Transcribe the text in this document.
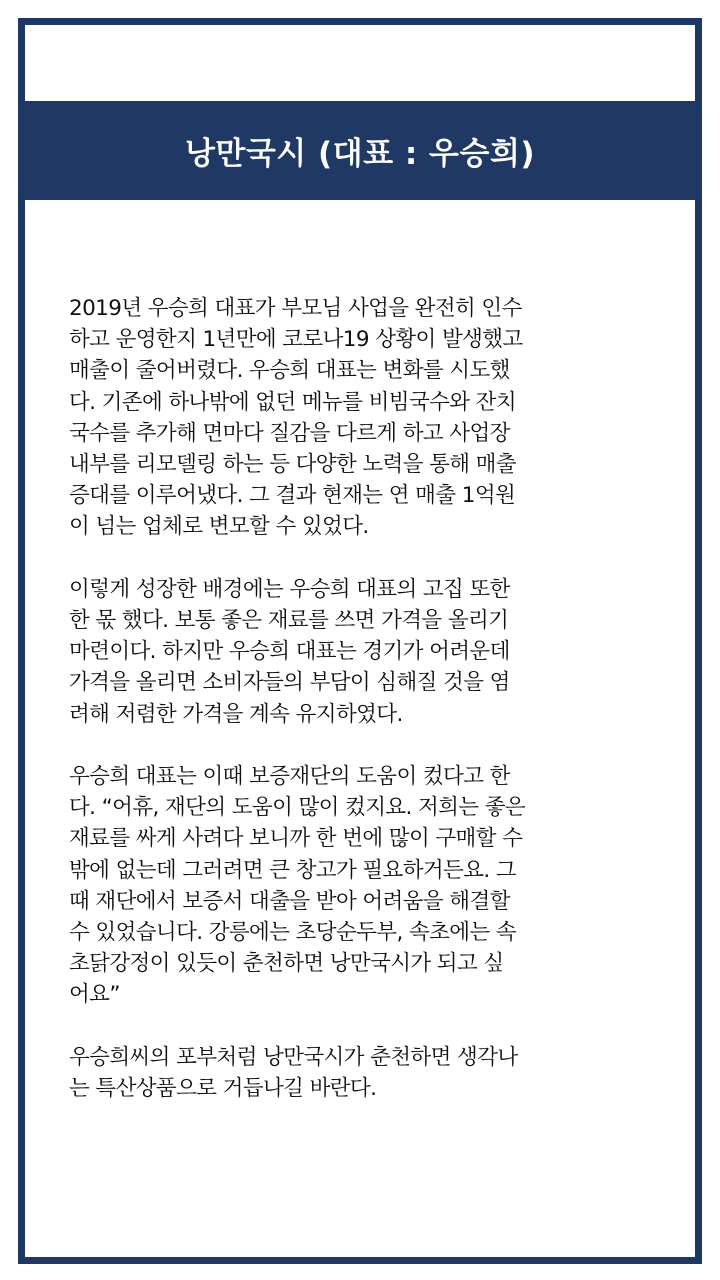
낭만국시 (대표 : 우승희)

2019년 우승희 대표가 부모님 사업을 완전히 인수
하고 운영한지 1년만에 코로나19 상황이 발생했고
매출이 줄어버렸다. 우승희 대표는 변화를 시도했
다. 기존에 하나밖에 없던 메뉴를 비빔국수와 잔치
국수를 추가해 면마다 질감을 다르게 하고 사업장
내부를 리모델링 하는 등 다양한 노력을 통해 매출
증대를 이루어냈다. 그 결과 현재는 연 매출 1억원
이 넘는 업체로 변모할 수 있었다.

이렇게 성장한 배경에는 우승희 대표의 고집 또한
한 몫 했다. 보통 좋은 재료를 쓰면 가격을 올리기
마련이다. 하지만 우승희 대표는 경기가 어려운데
가격을 올리면 소비자들의 부담이 심해질 것을 염
려해 저렴한 가격을 계속 유지하였다.

우승희 대표는 이때 보증재단의 도움이 컸다고 한
다. “어휴, 재단의 도움이 많이 컸지요. 저희는 좋은
재료를 싸게 사려다 보니까 한 번에 많이 구매할 수
밖에 없는데 그러려면 큰 창고가 필요하거든요. 그
때 재단에서 보증서 대출을 받아 어려움을 해결할
수 있었습니다. 강릉에는 초당순두부, 속초에는 속
초닭강정이 있듯이 춘천하면 낭만국시가 되고 싶
어요”

우승희씨의 포부처럼 낭만국시가 춘천하면 생각나
는 특산상품으로 거듭나길 바란다.
